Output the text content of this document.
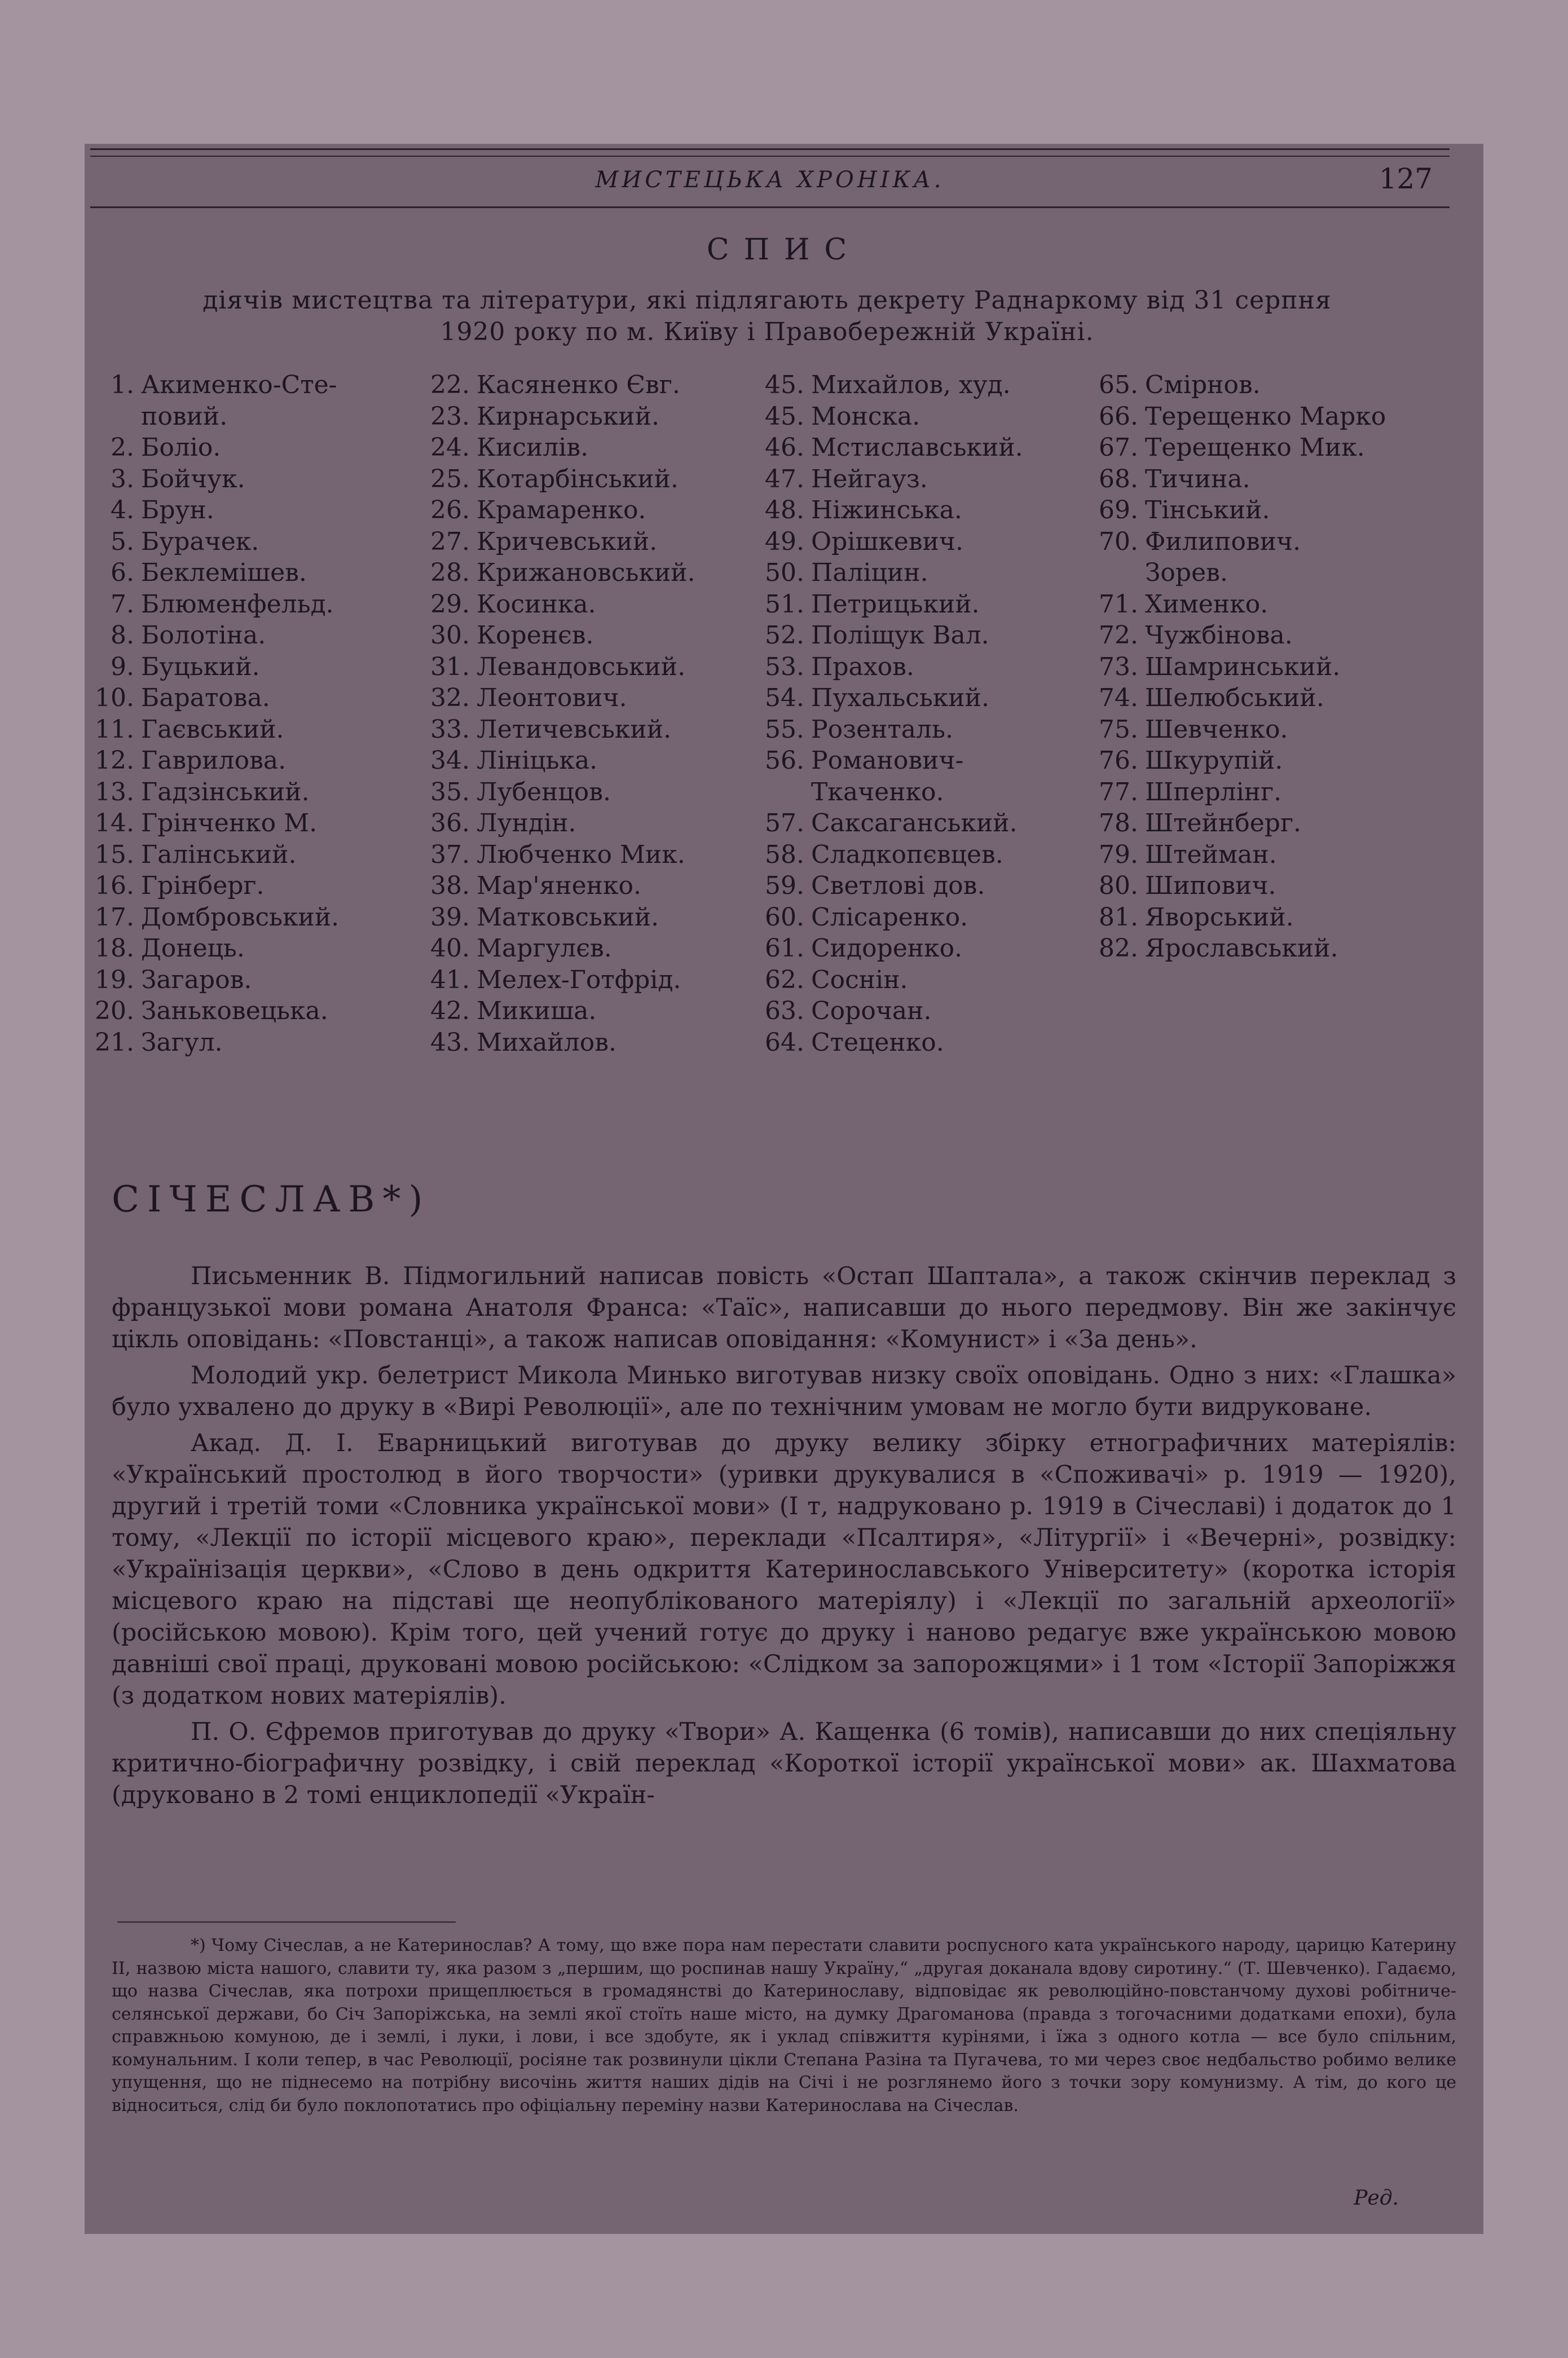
МИСТЕЦЬКА ХРОНІКА.	127
СПИС
діячів мистецтва та літератури, які підлягають декрету Раднаркому від 31 серпня
1920 року по м. Київу і Правобережній Україні.
1. Акименко-Сте-
повий.
2. Боліо.
3. Бойчук.
4. Брун.
5. Бурачек.
6. Беклемішев.
7. Блюменфельд.
8. Болотіна.
9. Буцький.
10. Баратова.
11. Гаєвський.
12. Гаврилова.
13. Гадзінський.
14. Грінченко М.
15. Галінський.
16. Грінберг.
17. Домбровський.
18. Донець.
19. Загаров.
20. Заньковецька.
21. Загул.
22. Касяненко Євг.
23. Кирнарський.
24. Кисилів.
25. Котарбінський.
26. Крамаренко.
27. Кричевський.
28. Крижановський.
29. Косинка.
30. Коренєв.
31. Левандовський.
32. Леонтович.
33. Летичевський.
34. Лініцька.
35. Лубенцов.
36. Лундін.
37. Любченко Мик.
38. Мар'яненко.
39. Матковський.
40. Маргулєв.
41. Мелех-Готфрід.
42. Микиша.
43. Михайлов.
45. Михайлов, худ.
45. Монска.
46. Мстиславський.
47. Нейгауз.
48. Ніжинська.
49. Орішкевич.
50. Паліцин.
51. Петрицький.
52. Поліщук Вал.
53. Прахов.
54. Пухальський.
55. Розенталь.
56. Романович-
Ткаченко.
57. Саксаганський.
58. Сладкопєвцев.
59. Светлові дов.
60. Слісаренко.
61. Сидоренко.
62. Соснін.
63. Сорочан.
64. Стеценко.
65. Смірнов.
66. Терещенко Марко
67. Терещенко Мик.
68. Тичина.
69. Тінський.
70. Филипович.
Зорев.
71. Хименко.
72. Чужбінова.
73. Шамринський.
74. Шелюбський.
75. Шевченко.
76. Шкурупій.
77. Шперлінг.
78. Штейнберг.
79. Штейман.
80. Шипович.
81. Яворський.
82. Ярославський.
СІЧЕСЛАВ*)

Письменник В. Підмогильний написав повість «Остап Шаптала», а також скінчив переклад з французької мови романа Анатоля Франса: «Таїс», написавши до нього передмову. Він же закінчує цікль оповідань: «Повстанці», а також написав оповідання: «Комунист» і «За день».

Молодий укр. белетрист Микола Минько виготував низку своїх оповідань. Одно з них: «Глашка» було ухвалено до друку в «Вирі Революції», але по технічним умовам не могло бути видруковане.

Акад. Д. І. Еварницький виготував до друку велику збірку етнографичних матеріялів: «Український простолюд в його творчости» (уривки друкувалися в «Споживачі» р. 1919 — 1920), другий і третій томи «Словника української мови» (І т, надруковано р. 1919 в Січеславі) і додаток до 1 тому, «Лекції по історії місцевого краю», переклади «Псалтиря», «Літургії» і «Вечерні», розвідку: «Українізація церкви», «Слово в день одкриття Катеринославського Університету» (коротка історія місцевого краю на підставі ще неопублікованого матеріялу) і «Лекції по загальній археології» (російською мовою). Крім того, цей учений готує до друку і наново редагує вже українською мовою давніші свої праці, друковані мовою російською: «Слідком за запорожцями» і 1 том «Історії Запоріжжя (з додатком нових матеріялів).

П. О. Єфремов приготував до друку «Твори» А. Кащенка (6 томів), написавши до них спеціяльну критично-біографичну розвідку, і свій переклад «Короткої історії української мови» ак. Шахматова (друковано в 2 томі енциклопедії «Україн-

*) Чому Січеслав, а не Катеринослав? А тому, що вже пора нам перестати славити роспусного ката українського народу, царицю Катерину II, назвою міста нашого, славити ту, яка разом з „першим, що роспинав нашу Україну,“ „другая доканала вдову сиротину.“ (Т. Шевченко). Гадаємо, що назва Січеслав, яка потрохи прищеплюється в громадянстві до Катеринославу, відповідає як революційно-повстанчому духові робітниче-селянської держави, бо Січ Запоріжська, на землі якої стоїть наше місто, на думку Драгоманова (правда з тогочасними додатками епохи), була справжньою комуною, де і землі, і луки, і лови, і все здобуте, як і уклад співжиття курінями, і їжа з одного котла — все було спільним, комунальним. І коли тепер, в час Революції, росіяне так розвинули цікли Степана Разіна та Пугачева, то ми через своє недбальство робимо велике упущення, що не піднесемо на потрібну височінь життя наших дідів на Січі і не розглянемо його з точки зору комунизму. А тім, до кого це відноситься, слід би було поклопотатись про офіціальну переміну назви Катеринослава на Січеслав.
Ред.
